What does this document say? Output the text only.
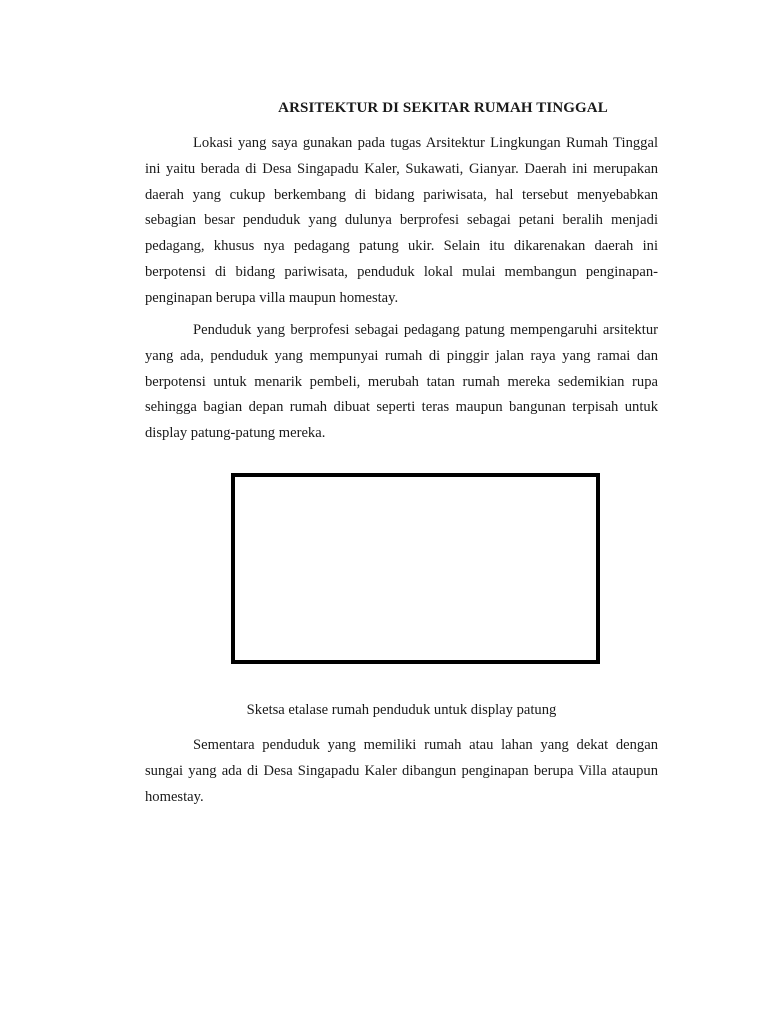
ARSITEKTUR DI SEKITAR RUMAH TINGGAL

Lokasi yang saya gunakan pada tugas Arsitektur Lingkungan Rumah Tinggal ini yaitu berada di Desa Singapadu Kaler, Sukawati, Gianyar. Daerah ini merupakan daerah yang cukup berkembang di bidang pariwisata, hal tersebut menyebabkan sebagian besar penduduk yang dulunya berprofesi sebagai petani beralih menjadi pedagang, khusus nya pedagang patung ukir. Selain itu dikarenakan daerah ini berpotensi di bidang pariwisata, penduduk lokal mulai membangun penginapan-penginapan berupa villa maupun homestay.

Penduduk yang berprofesi sebagai pedagang patung mempengaruhi arsitektur yang ada, penduduk yang mempunyai rumah di pinggir jalan raya yang ramai dan berpotensi untuk menarik pembeli, merubah tatan rumah mereka sedemikian rupa sehingga bagian depan rumah dibuat seperti teras maupun bangunan terpisah untuk display patung-patung mereka.

Sketsa etalase rumah penduduk untuk display patung

Sementara penduduk yang memiliki rumah atau lahan yang dekat dengan sungai yang ada di Desa Singapadu Kaler dibangun penginapan berupa Villa ataupun homestay.
